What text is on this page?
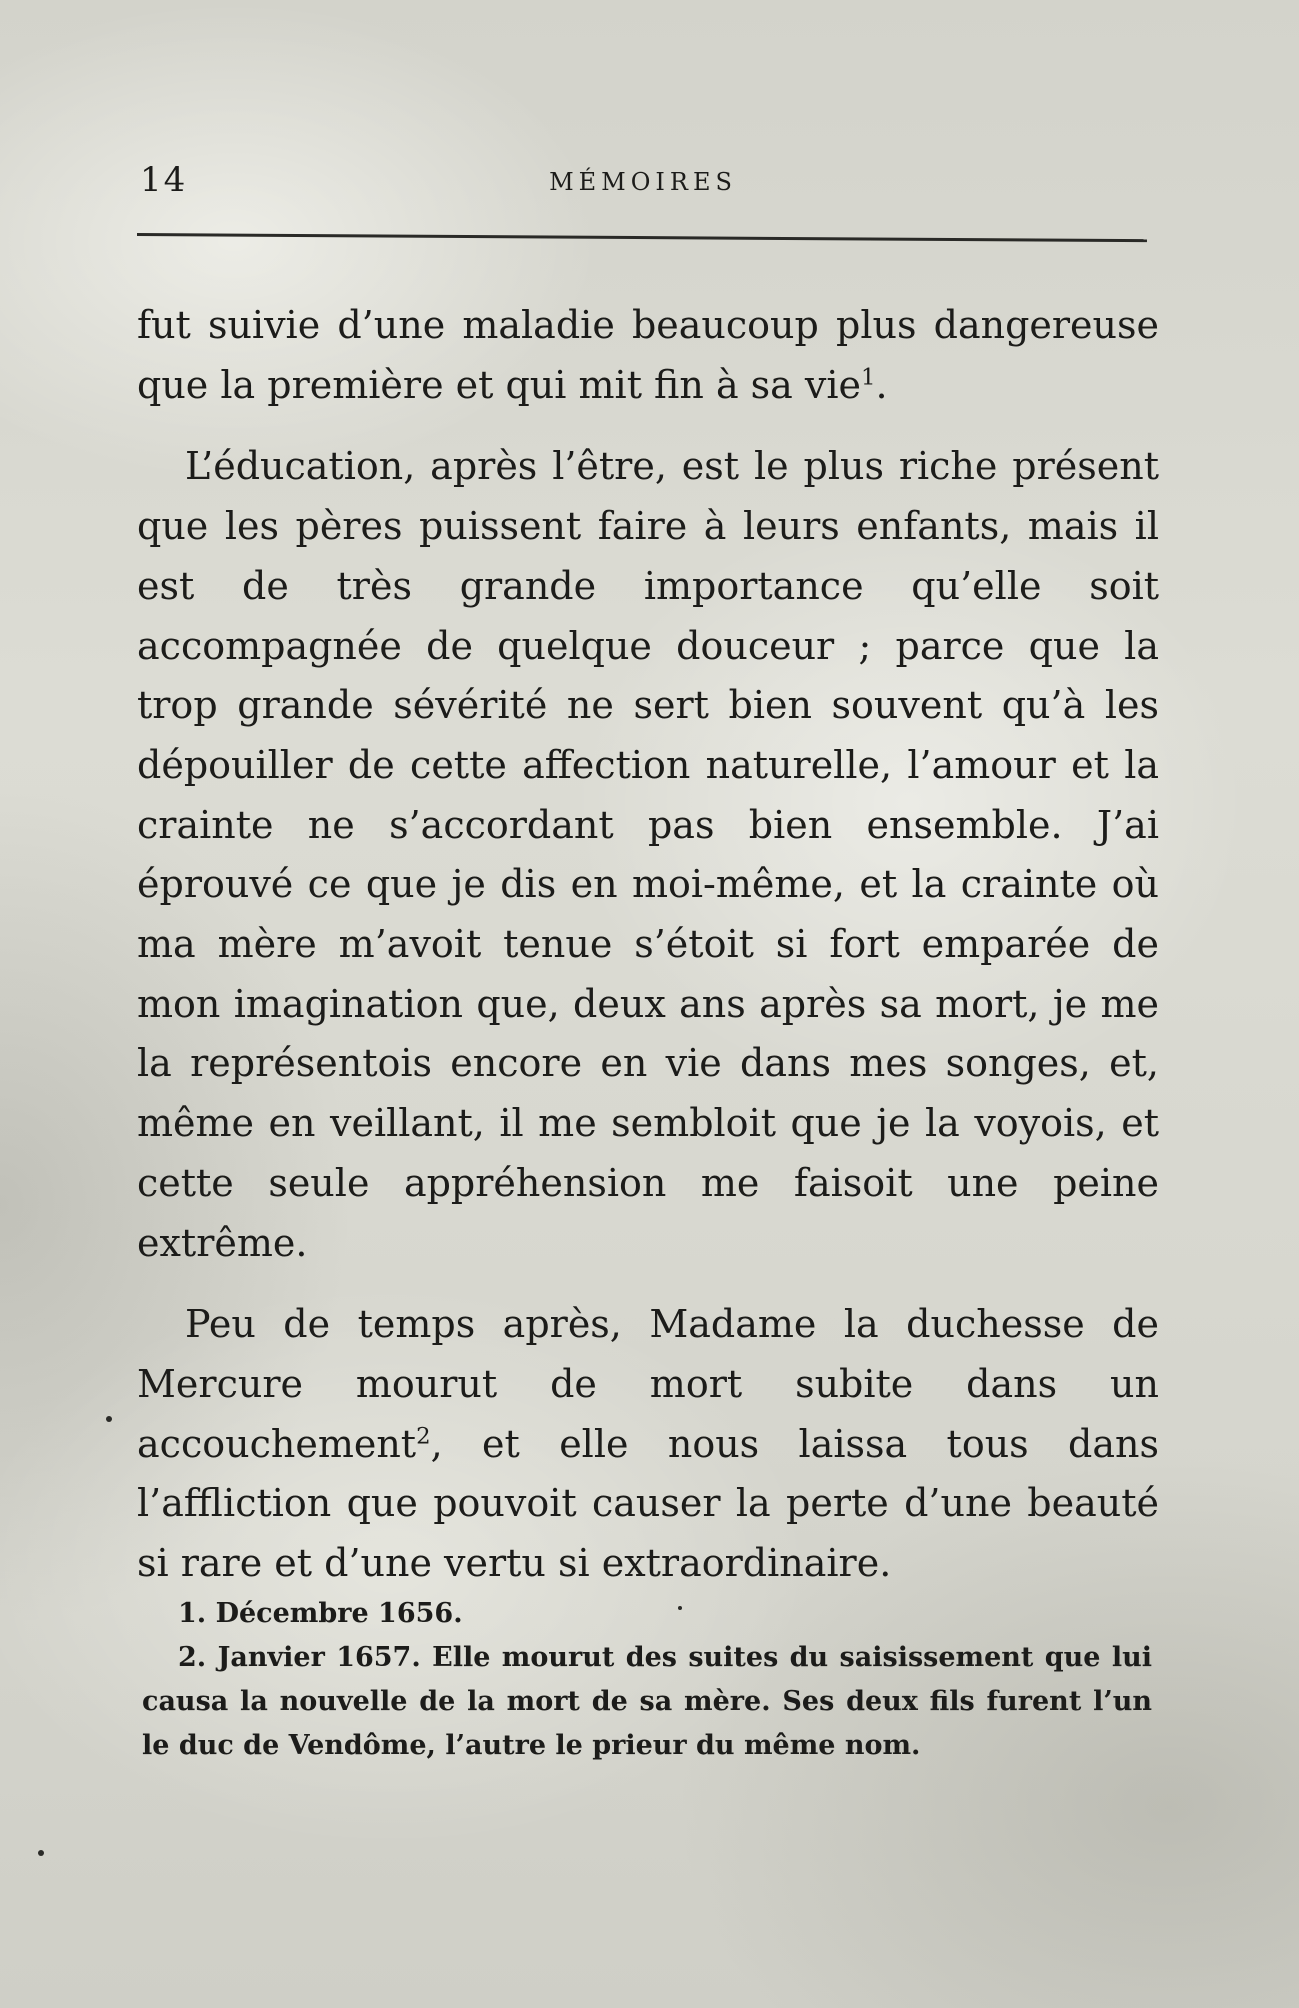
14	MÉMOIRES

fut suivie d’une maladie beaucoup plus dangereuse que la première et qui mit fin à sa vie$^1$.

L’éducation, après l’être, est le plus riche présent que les pères puissent faire à leurs enfants, mais il est de très grande importance qu’elle soit accompagnée de quelque douceur ; parce que la trop grande sévérité ne sert bien souvent qu’à les dépouiller de cette affection naturelle, l’amour et la crainte ne s’accordant pas bien ensemble. J’ai éprouvé ce que je dis en moi-même, et la crainte où ma mère m’avoit tenue s’étoit si fort emparée de mon imagination que, deux ans après sa mort, je me la représentois encore en vie dans mes songes, et, même en veillant, il me sembloit que je la voyois, et cette seule appréhension me faisoit une peine extrême.

Peu de temps après, Madame la duchesse de Mercure mourut de mort subite dans un accouchement$^2$, et elle nous laissa tous dans l’affliction que pouvoit causer la perte d’une beauté si rare et d’une vertu si extraordinaire.

1. Décembre 1656.

2. Janvier 1657. Elle mourut des suites du saisissement que lui causa la nouvelle de la mort de sa mère. Ses deux fils furent l’un le duc de Vendôme, l’autre le prieur du même nom.
